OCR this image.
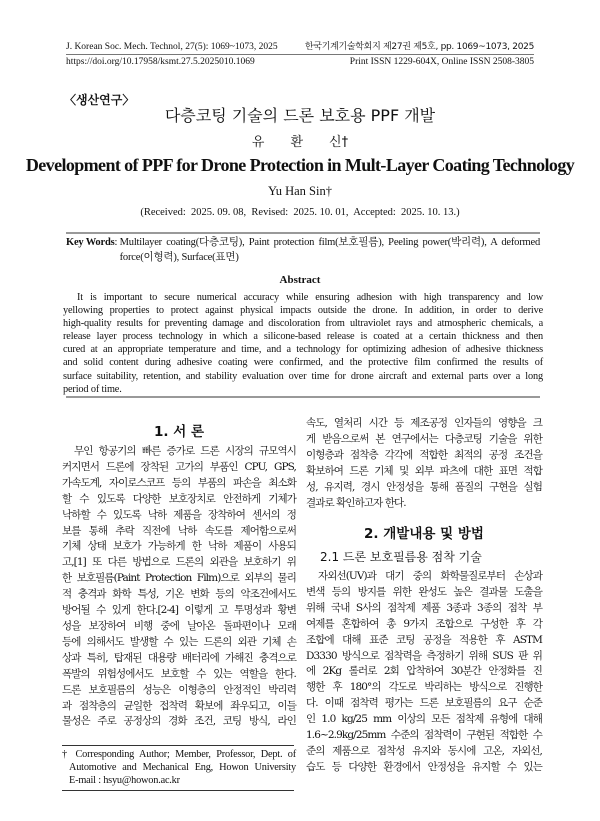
J. Korean Soc. Mech. Technol, 27(5): 1069~1073, 2025	한국기계기술학회지 제27권 제5호, pp. 1069~1073, 2025
https://doi.org/10.17958/ksmt.27.5.2025010.1069	Print ISSN 1229-604X, Online ISSN 2508-3805
〈생산연구〉
다층코팅 기술의 드론 보호용 PPF 개발
유　　환　　신†
Development of PPF for Drone Protection in Mult-Layer Coating Technology
Yu Han Sin†
(Received:  2025. 09. 08,  Revised:  2025. 10. 01,  Accepted:  2025. 10. 13.)
Key Words : Multilayer coating(다층코팅), Paint protection film(보호필름), Peeling power(박리력), A deformed
force(이형력), Surface(표면)
Abstract
It is important to secure numerical accuracy while ensuring adhesion with high transparency and low
yellowing properties to protect against physical impacts outside the drone. In addition, in order to derive
high-quality results for preventing damage and discoloration from ultraviolet rays and atmospheric chemicals, a
release layer process technology in which a silicone-based release is coated at a certain thickness and then
cured at an appropriate temperature and time, and a technology for optimizing adhesion of adhesive thickness
and solid content during adhesive coating were confirmed, and the protective film confirmed the results of
surface suitability, retention, and stability evaluation over time for drone aircraft and external parts over a long
period of time.
1. 서 론
무인 항공기의 빠른 증가로 드론 시장의 규모역시
커지면서 드론에 장착된 고가의 부품인 CPU, GPS,
가속도계, 자이로스코프 등의 부품의 파손을 최소화
할 수 있도록 다양한 보호장치로 안전하게 기체가
낙하할 수 있도록 낙하 제품을 장착하여 센서의 정
보를 통해 추락 직전에 낙하 속도를 제어함으로써
기체 상태 보호가 가능하게 한 낙하 제품이 사용되
고,[1] 또 다른 방법으로 드론의 외관을 보호하기 위
한 보호필름(Paint Protection Film)으로 외부의 물리
적 충격과 화학 특성, 기온 변화 등의 악조건에서도
방어될 수 있게 한다.[2-4] 이렇게 고 투명성과 황변
성을 보장하여 비행 중에 날아온 돌파편이나 모래
등에 의해서도 발생할 수 있는 드론의 외관 기체 손
상과 특히, 탑재된 대용량 배터리에 가해진 충격으로
폭발의 위험성에서도 보호할 수 있는 역할을 한다.
드론 보호필름의 성능은 이형층의 안정적인 박리력
과 점착층의 균일한 접착력 확보에 좌우되고, 이들
물성은 주로 공정상의 경화 조건, 코팅 방식, 라인
† Corresponding Author; Member, Professor, Dept. of
Automotive and Mechanical Eng, Howon University
E-mail : hsyu@howon.ac.kr
속도, 열처리 시간 등 제조공정 인자들의 영향을 크
게 받음으로써 본 연구에서는 다층코팅 기술을 위한
이형층과 점착층 각각에 적합한 최적의 공정 조건을
확보하여 드론 기체 및 외부 파츠에 대한 표면 적합
성, 유지력, 경시 안정성을 통해 품질의 구현을 실험
결과로 확인하고자 한다.
2. 개발내용 및 방법
2.1 드론 보호필름용 점착 기술
자외선(UV)과 대기 중의 화학물질로부터 손상과
변색 등의 방지를 위한 완성도 높은 결과물 도출을
위해 국내 S사의 점착제 제품 3종과 3종의 점착 부
여제를 혼합하여 총 9가지 조합으로 구성한 후 각
조합에 대해 표준 코팅 공정을 적용한 후 ASTM
D3330 방식으로 점착력을 측정하기 위해 SUS 판 위
에 2Kg 롤러로 2회 압착하여 30분간 안정화를 진
행한 후 180°의 각도로 박리하는 방식으로 진행한
다. 이때 점착력 평가는 드론 보호필름의 요구 순준
인 1.0 kg/25 mm 이상의 모든 점착제 유형에 대해
1.6~2.9kg/25mm 수준의 점착력이 구현된 적합한 수
준의 제품으로 점착성 유지와 동시에 고온, 자외선,
습도 등 다양한 환경에서 안정성을 유지할 수 있는
